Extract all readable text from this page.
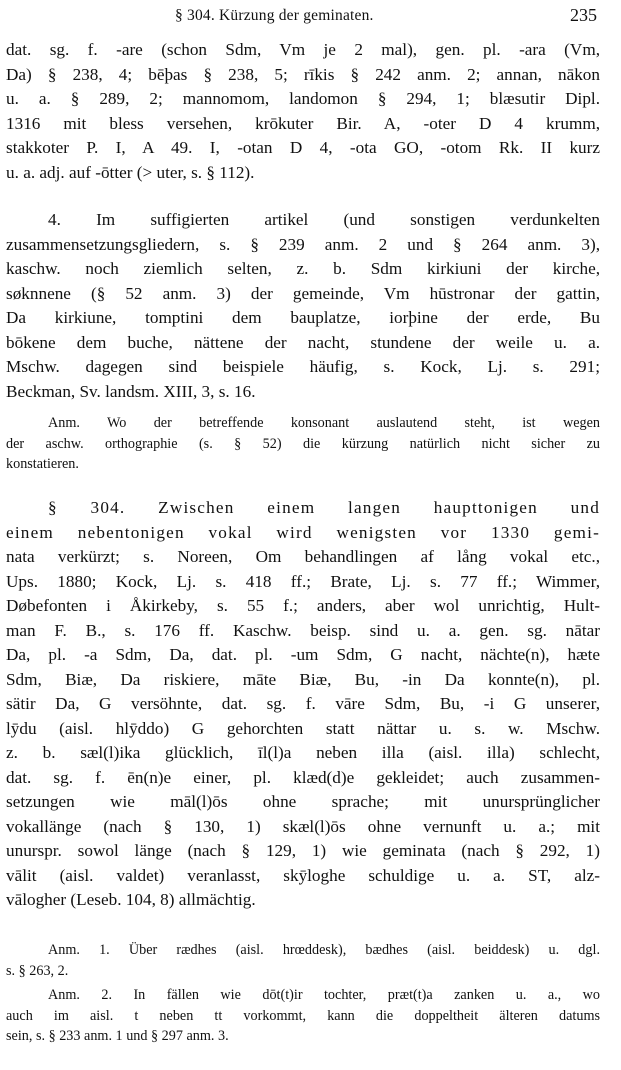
§ 304. Kürzung der geminaten.	235
dat. sg. f. -are (schon Sdm, Vm je 2 mal), gen. pl. -ara (Vm,
Da) § 238, 4; bēþas § 238, 5; rīkis § 242 anm. 2; annan, nākon
u. a. § 289, 2; mannomom, landomon § 294, 1; blæsutir Dipl.
1316 mit bless versehen, krōkuter Bir. A, -oter D 4 krumm,
stakkoter P. I, A 49. I, -otan D 4, -ota GO, -otom Rk. II kurz
u. a. adj. auf -ōtter (> uter, s. § 112).
4. Im suffigierten artikel (und sonstigen verdunkelten
zusammensetzungsgliedern, s. § 239 anm. 2 und § 264 anm. 3),
kaschw. noch ziemlich selten, z. b. Sdm kirkiuni der kirche,
søknnene (§ 52 anm. 3) der gemeinde, Vm hūstronar der gattin,
Da kirkiune, tomptini dem bauplatze, iorþine der erde, Bu
bōkene dem buche, nättene der nacht, stundene der weile u. a.
Mschw. dagegen sind beispiele häufig, s. Kock, Lj. s. 291;
Beckman, Sv. landsm. XIII, 3, s. 16.
Anm. Wo der betreffende konsonant auslautend steht, ist wegen
der aschw. orthographie (s. § 52) die kürzung natürlich nicht sicher zu
konstatieren.
§ 304. Zwischen einem langen haupttonigen und
einem nebentonigen vokal wird wenigsten vor 1330 gemi-
nata verkürzt; s. Noreen, Om behandlingen af lång vokal etc.,
Ups. 1880; Kock, Lj. s. 418 ff.; Brate, Lj. s. 77 ff.; Wimmer,
Døbefonten i Åkirkeby, s. 55 f.; anders, aber wol unrichtig, Hult-
man F. B., s. 176 ff. Kaschw. beisp. sind u. a. gen. sg. nātar
Da, pl. -a Sdm, Da, dat. pl. -um Sdm, G nacht, nächte(n), hæte
Sdm, Biæ, Da riskiere, māte Biæ, Bu, -in Da konnte(n), pl.
sätir Da, G versöhnte, dat. sg. f. vāre Sdm, Bu, -i G unserer,
lȳdu (aisl. hlȳddo) G gehorchten statt nättar u. s. w. Mschw.
z. b. sæl(l)ika glücklich, īl(l)a neben illa (aisl. illa) schlecht,
dat. sg. f. ēn(n)e einer, pl. klæd(d)e gekleidet; auch zusammen-
setzungen wie māl(l)ōs ohne sprache; mit unursprünglicher
vokallänge (nach § 130, 1) skæl(l)ōs ohne vernunft u. a.; mit
unurspr. sowol länge (nach § 129, 1) wie geminata (nach § 292, 1)
vālit (aisl. valdet) veranlasst, skȳloghe schuldige u. a. ST, alz-
vālogher (Leseb. 104, 8) allmächtig.
Anm. 1. Über rædhes (aisl. hrœddesk), bædhes (aisl. beiddesk) u. dgl.
s. § 263, 2.
Anm. 2. In fällen wie dōt(t)ir tochter, præt(t)a zanken u. a., wo
auch im aisl. t neben tt vorkommt, kann die doppeltheit älteren datums
sein, s. § 233 anm. 1 und § 297 anm. 3.
